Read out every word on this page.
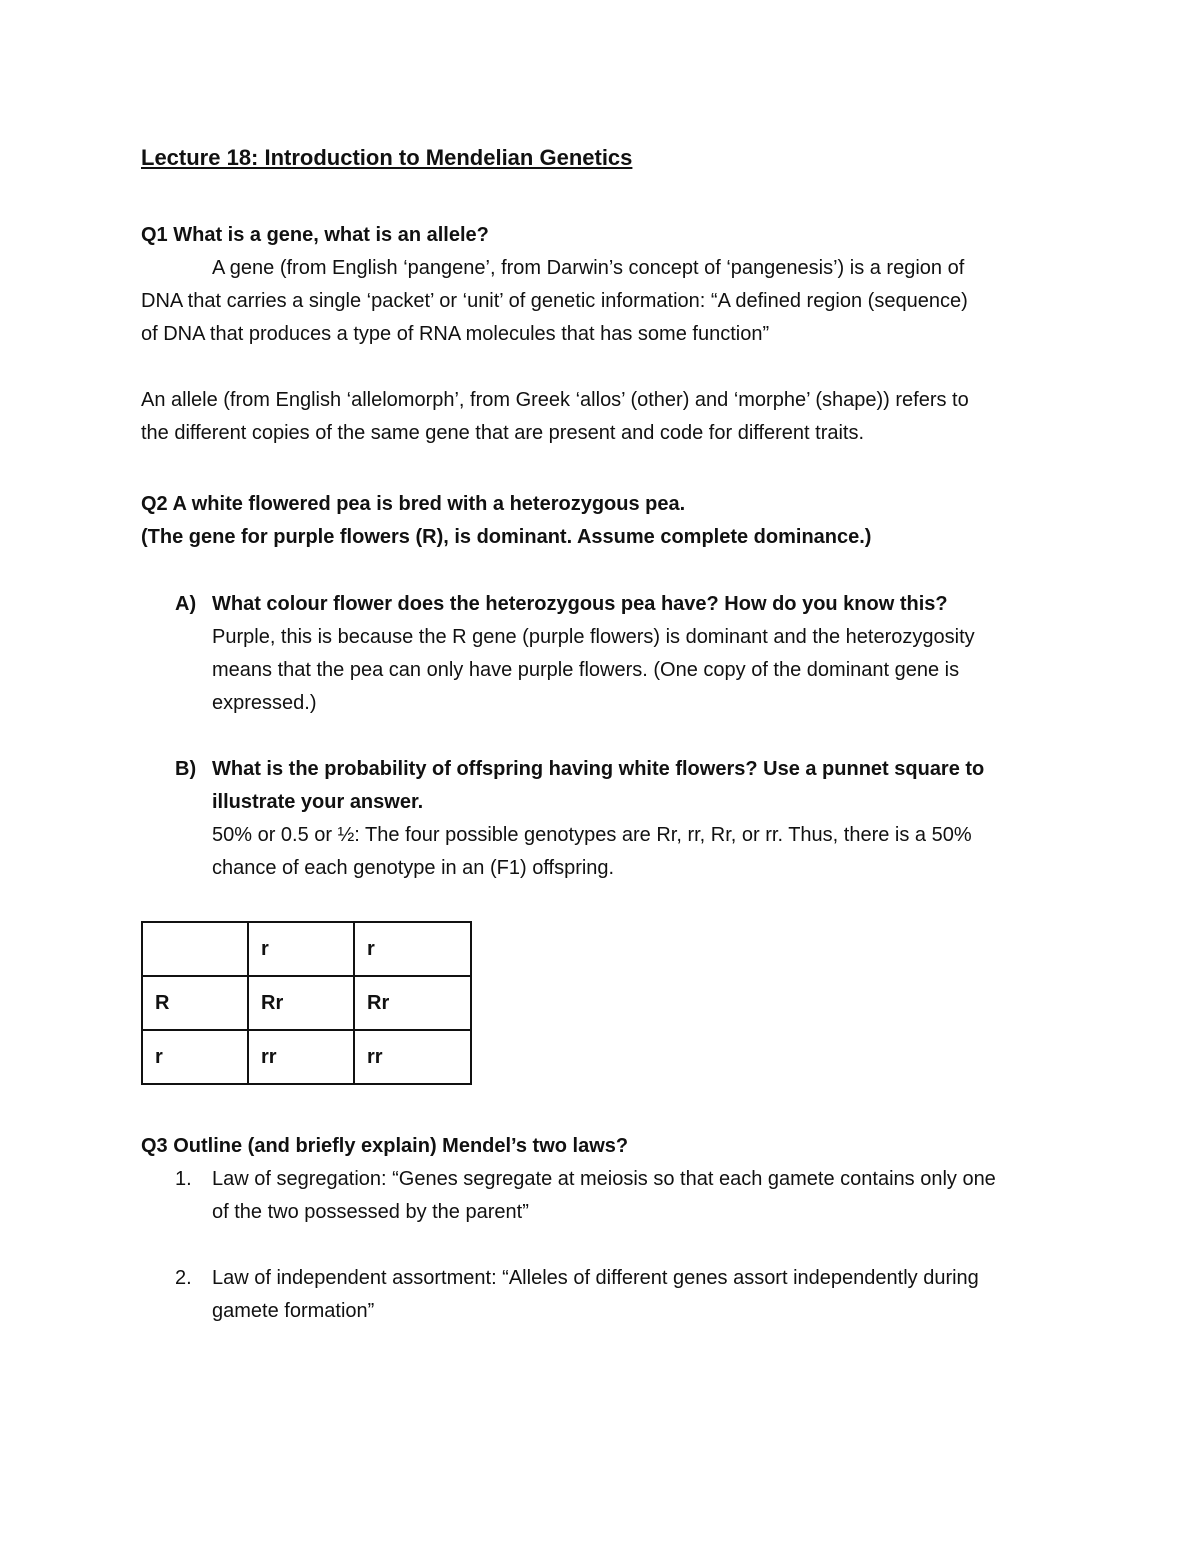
Lecture 18: Introduction to Mendelian Genetics
Q1 What is a gene, what is an allele?
A gene (from English ‘pangene’, from Darwin’s concept of ‘pangenesis’) is a region of
DNA that carries a single ‘packet’ or ‘unit’ of genetic information: “A defined region (sequence)
of DNA that produces a type of RNA molecules that has some function”
An allele (from English ‘allelomorph’, from Greek ‘allos’ (other) and ‘morphe’ (shape)) refers to
the different copies of the same gene that are present and code for different traits.
Q2 A white flowered pea is bred with a heterozygous pea.
(The gene for purple flowers (R), is dominant. Assume complete dominance.)
A) What colour flower does the heterozygous pea have? How do you know this?
Purple, this is because the R gene (purple flowers) is dominant and the heterozygosity
means that the pea can only have purple flowers. (One copy of the dominant gene is
expressed.)
B) What is the probability of offspring having white flowers? Use a punnet square to
illustrate your answer.
50% or 0.5 or ½: The four possible genotypes are Rr, rr, Rr, or rr. Thus, there is a 50%
chance of each genotype in an (F1) offspring.
	r	r
R	Rr	Rr
r	rr	rr
Q3 Outline (and briefly explain) Mendel’s two laws?
1. Law of segregation: “Genes segregate at meiosis so that each gamete contains only one
of the two possessed by the parent”
2. Law of independent assortment: “Alleles of different genes assort independently during
gamete formation”
